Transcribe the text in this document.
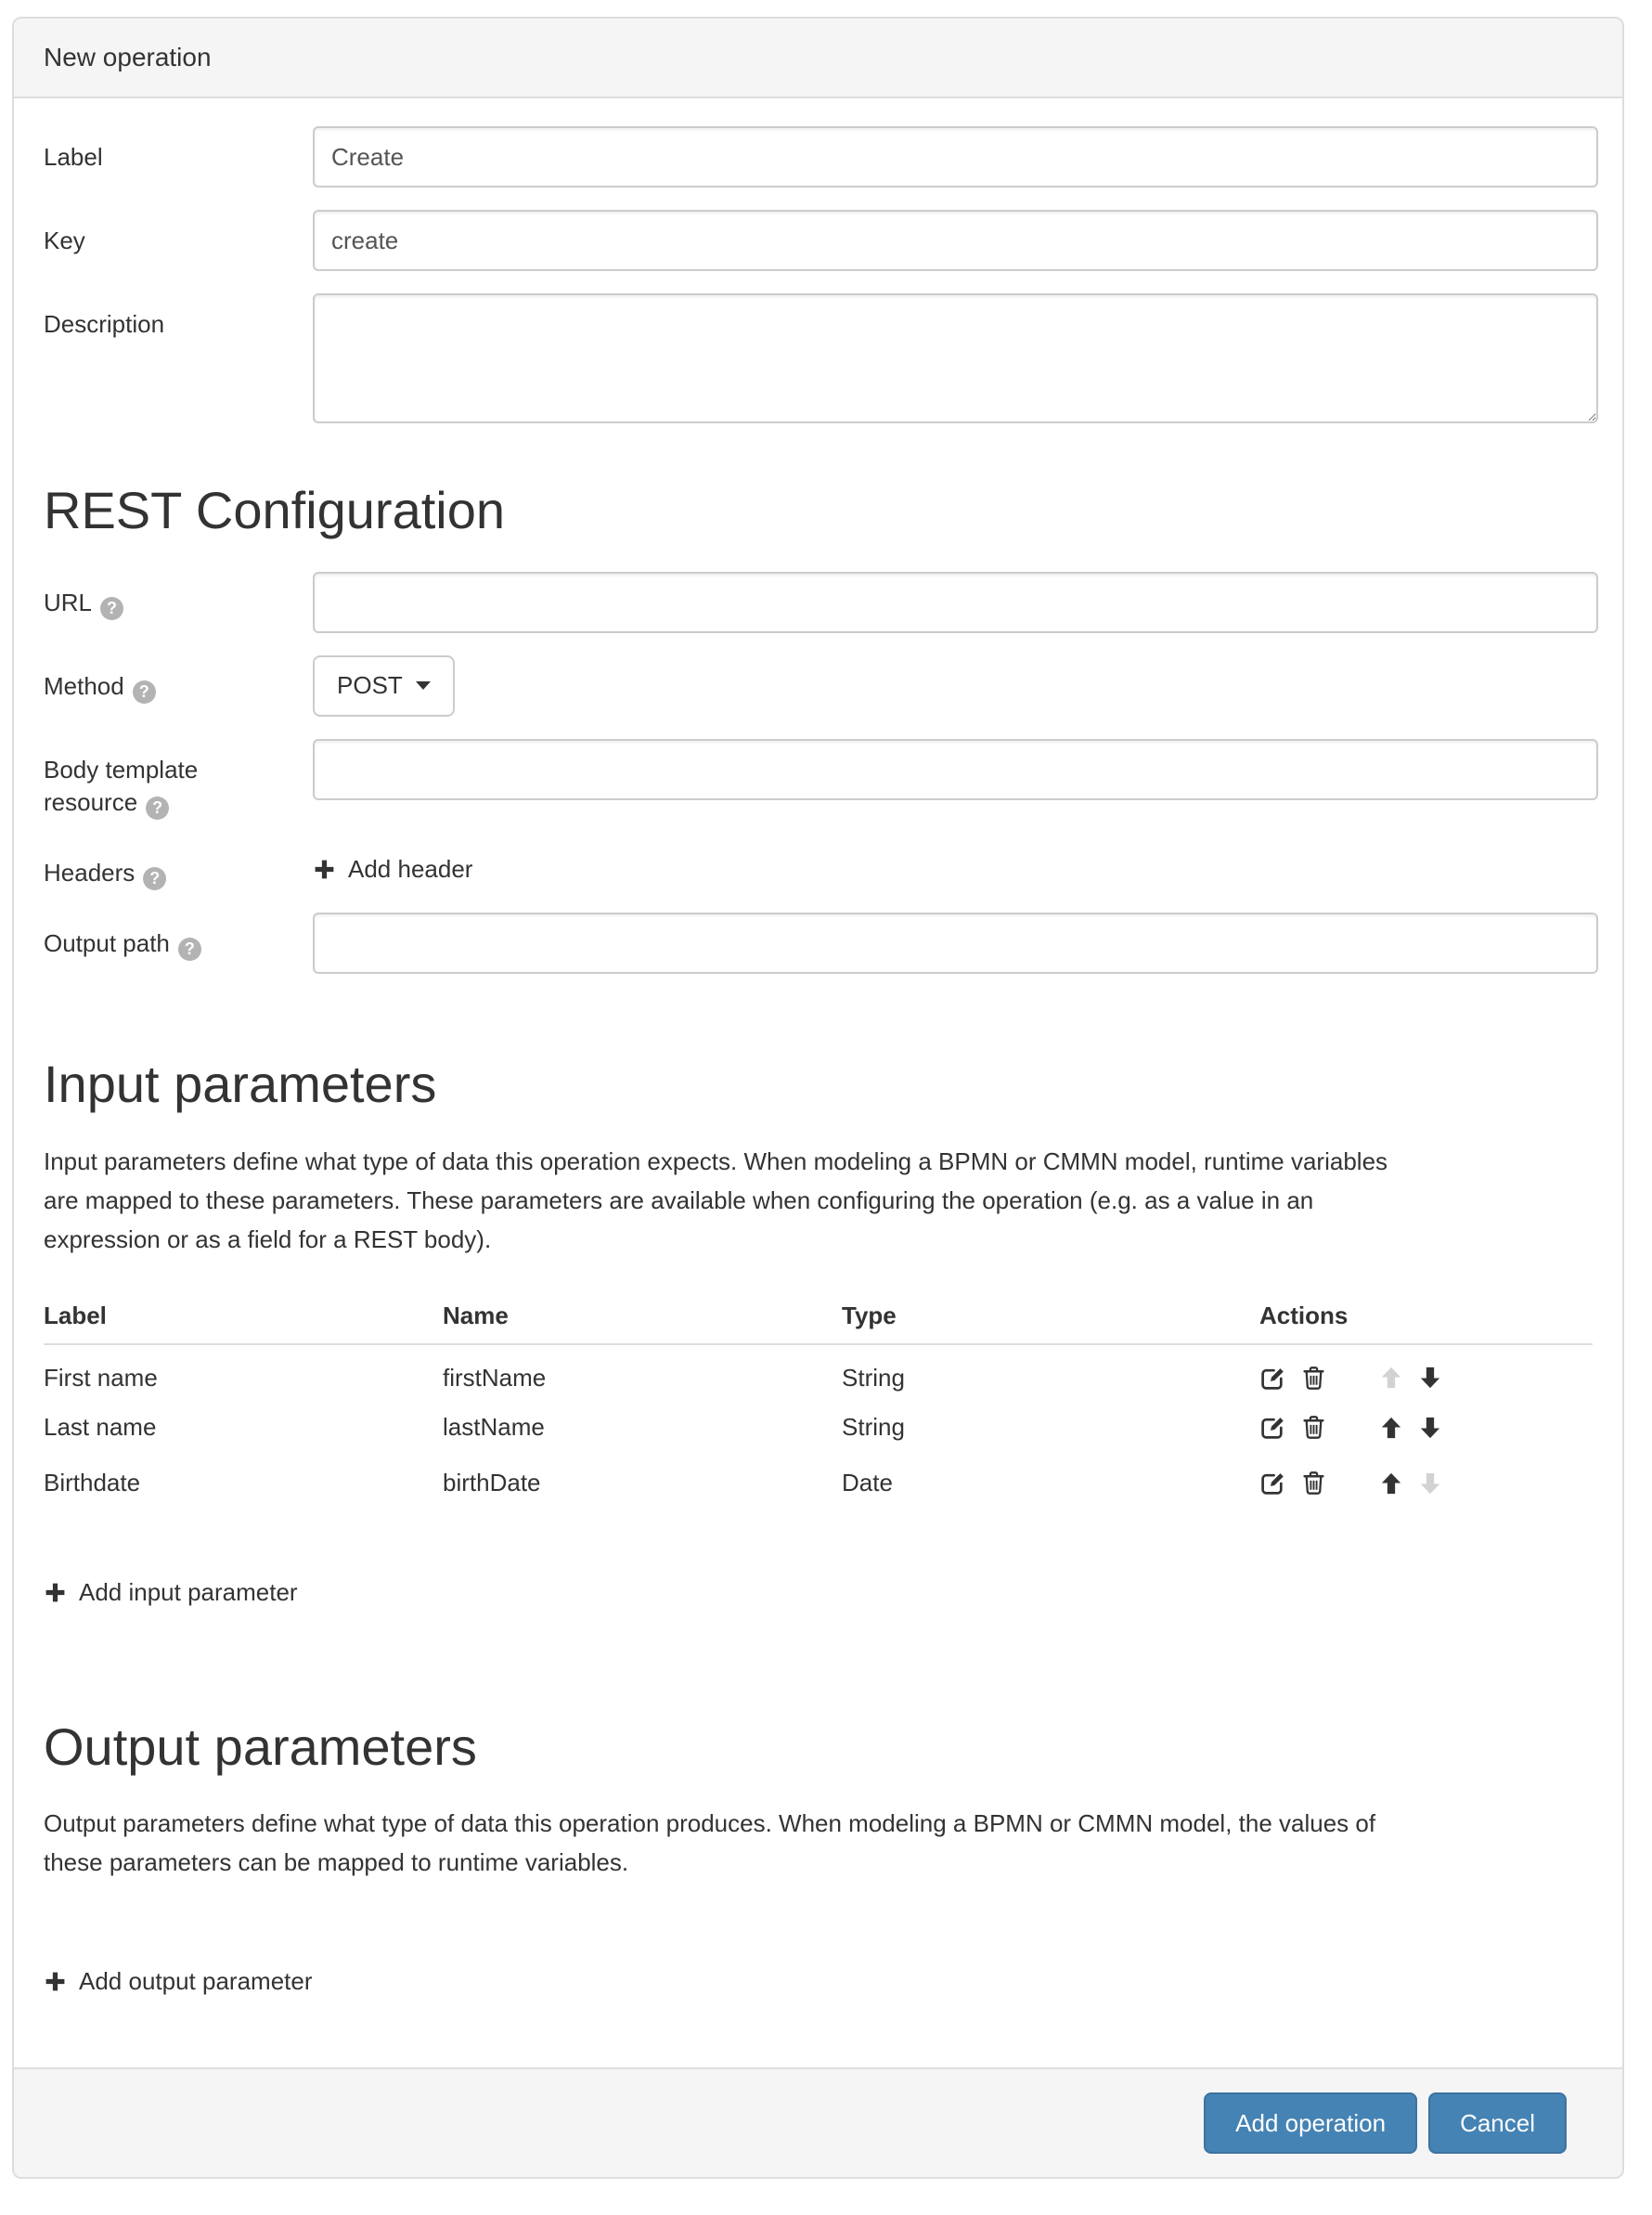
New operation
Label
Create
Key
create
Description
REST Configuration
URL ?
Method ?	POST
Body template resource ?
Headers ?	Add header
Output path ?
Input parameters

Input parameters define what type of data this operation expects. When modeling a BPMN or CMMN model, runtime variables are mapped to these parameters. These parameters are available when configuring the operation (e.g. as a value in an expression or as a field for a REST body).

Label	Name	Type	Actions
First name	firstName	String	

Last name	lastName	String	

Birthdate	birthDate	Date	
Add input parameter
Output parameters

Output parameters define what type of data this operation produces. When modeling a BPMN or CMMN model, the values of these parameters can be mapped to runtime variables.

Add output parameter
Add operation	Cancel
